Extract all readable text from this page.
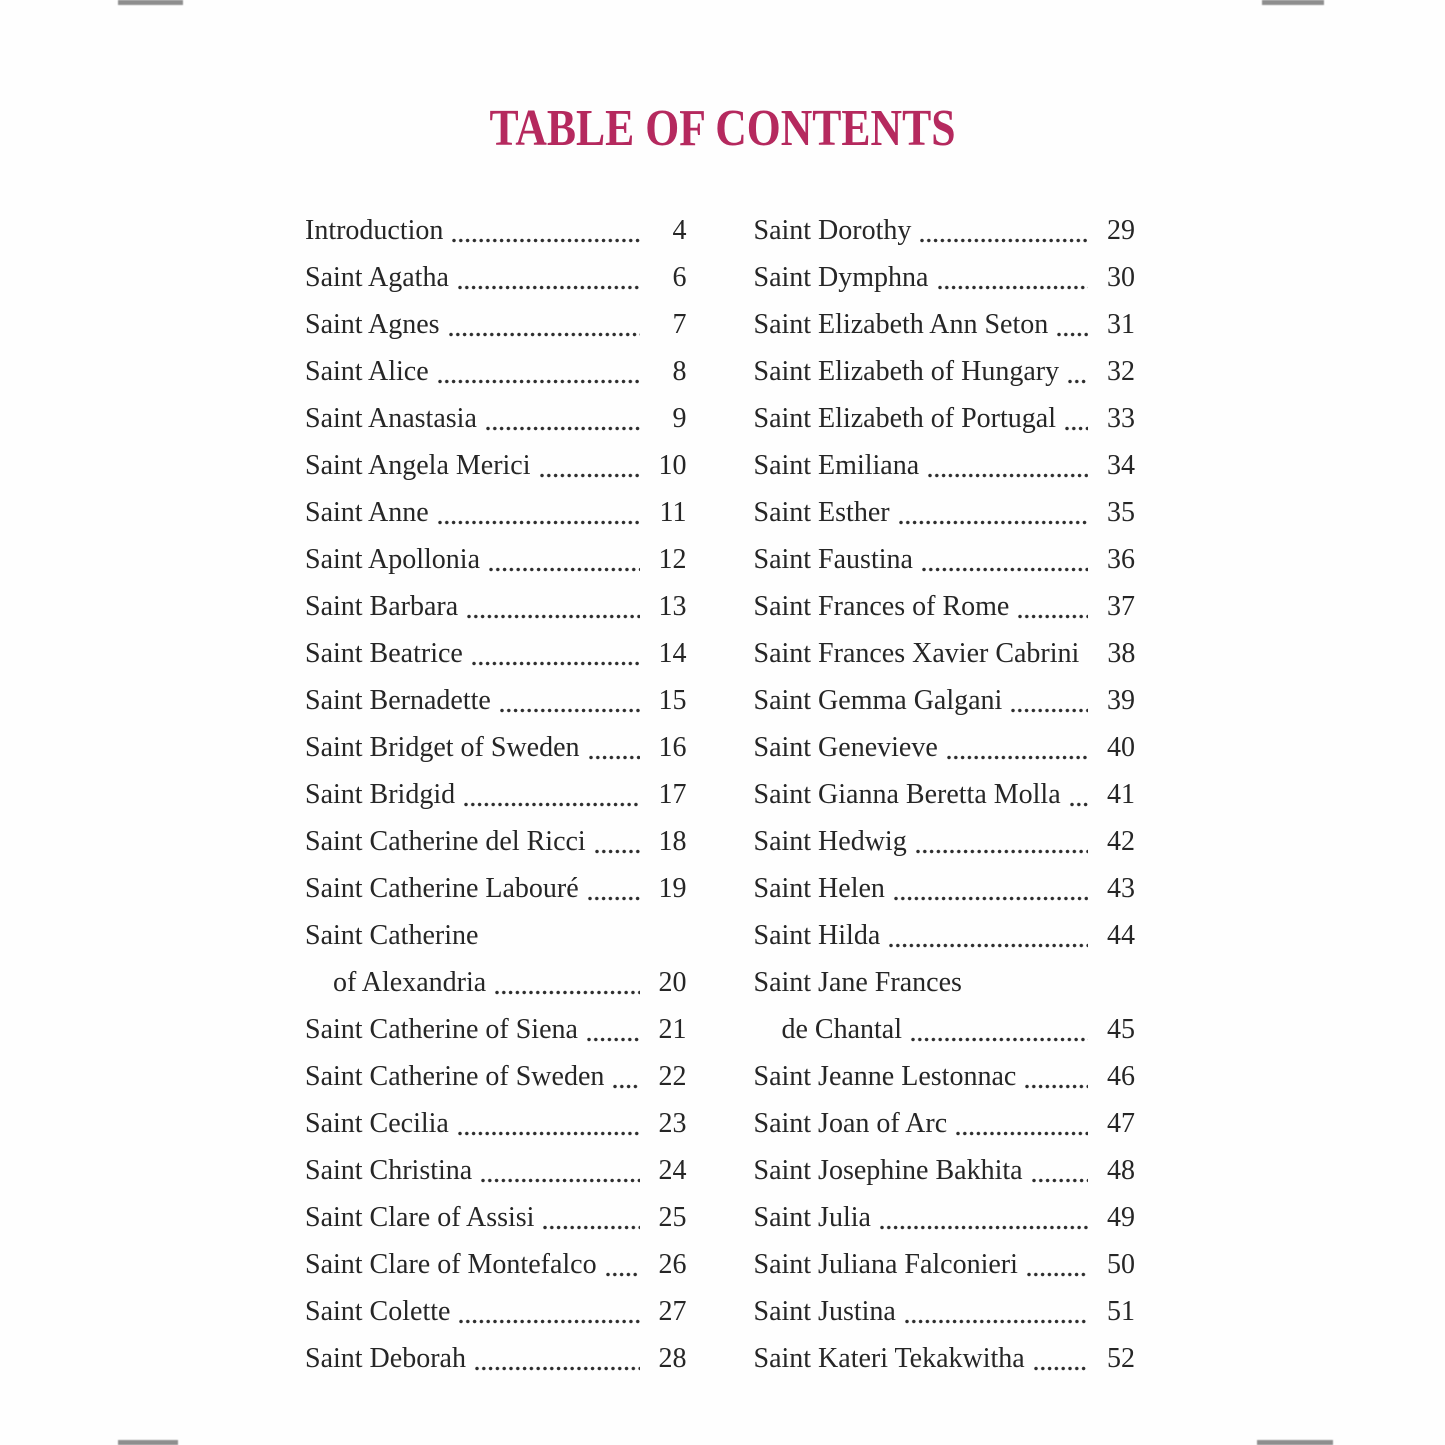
TABLE OF CONTENTS
Introduction	4
Saint Agatha	6
Saint Agnes	7
Saint Alice	8
Saint Anastasia	9
Saint Angela Merici	10
Saint Anne	11
Saint Apollonia	12
Saint Barbara	13
Saint Beatrice	14
Saint Bernadette	15
Saint Bridget of Sweden	16
Saint Bridgid	17
Saint Catherine del Ricci	18
Saint Catherine Labouré	19
Saint Catherine
of Alexandria	20
Saint Catherine of Siena	21
Saint Catherine of Sweden	22
Saint Cecilia	23
Saint Christina	24
Saint Clare of Assisi	25
Saint Clare of Montefalco	26
Saint Colette	27
Saint Deborah	28
Saint Dorothy	29
Saint Dymphna	30
Saint Elizabeth Ann Seton	31
Saint Elizabeth of Hungary	32
Saint Elizabeth of Portugal	33
Saint Emiliana	34
Saint Esther	35
Saint Faustina	36
Saint Frances of Rome	37
Saint Frances Xavier Cabrini	38
Saint Gemma Galgani	39
Saint Genevieve	40
Saint Gianna Beretta Molla	41
Saint Hedwig	42
Saint Helen	43
Saint Hilda	44
Saint Jane Frances
de Chantal	45
Saint Jeanne Lestonnac	46
Saint Joan of Arc	47
Saint Josephine Bakhita	48
Saint Julia	49
Saint Juliana Falconieri	50
Saint Justina	51
Saint Kateri Tekakwitha	52
